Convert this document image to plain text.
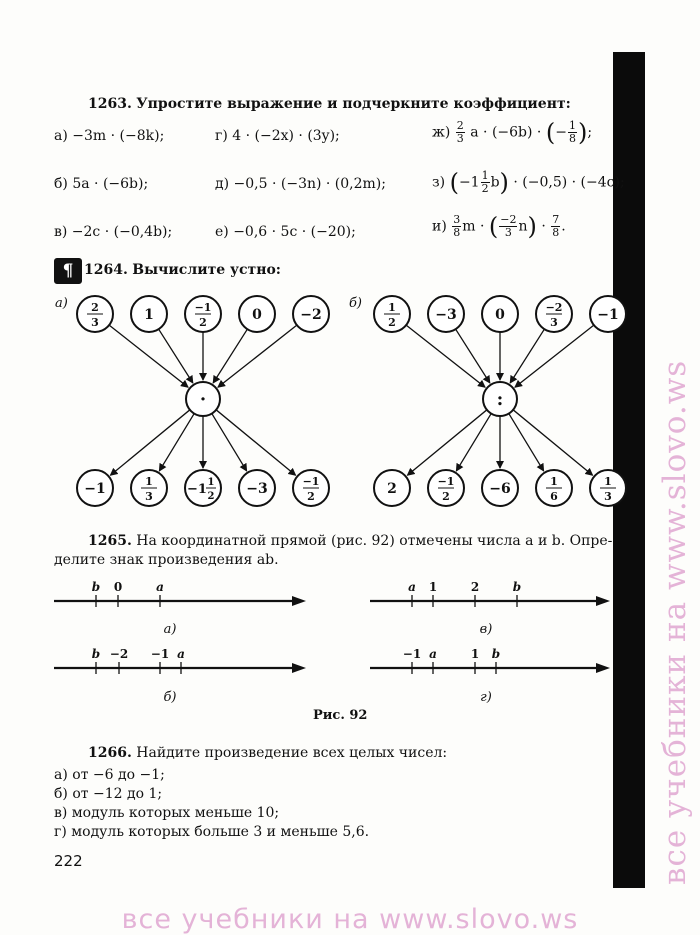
1263. Упростите выражение и подчеркните коэффициент:
а) −3m · (−8k);	г) 4 · (−2x) · (3y);	$ж) \frac{2}{3}$ a · (−6b) · (− $\frac{1}{8}$ );
б) 5a · (−6b);	д) −0,5 · (−3n) · (0,2m);	з) $(-1 \frac{1}{2} b) \cdot (-0,5) \cdot (-4c)$;
в) −2c · (−0,4b);	е) −0,6 · 5c · (−20);	$и) \frac{3}{8}$ m · ( $\frac{-2}{3} n) \cdot \frac{7}{8}$ .
¶ 1264. Вычислите устно:
а) 2
3	1	−1
2	0	−2
−1	1
3	−1 1
2 −3	−1
2
·
б) 1
2	−3	0	−2
3	−1
2	−1
2	−6	1
6
1
3
:
1265. На координатной прямой (рис. 92) отмечены числа a и b. Опре-
делите знак произведения ab.
b 0	a
а)
a 1	2	b
в)
b −2 −1 a
б)
−1 a	1 b
г)
Рис. 92
1266. Найдите произведение всех целых чисел:
а) от −6 до −1;
б) от −12 до 1;
в) модуль которых меньше 10;
г) модуль которых больше 3 и меньше 5,6.
222	все учебники на www.slovo.ws
все учебники на www.slovo.ws
